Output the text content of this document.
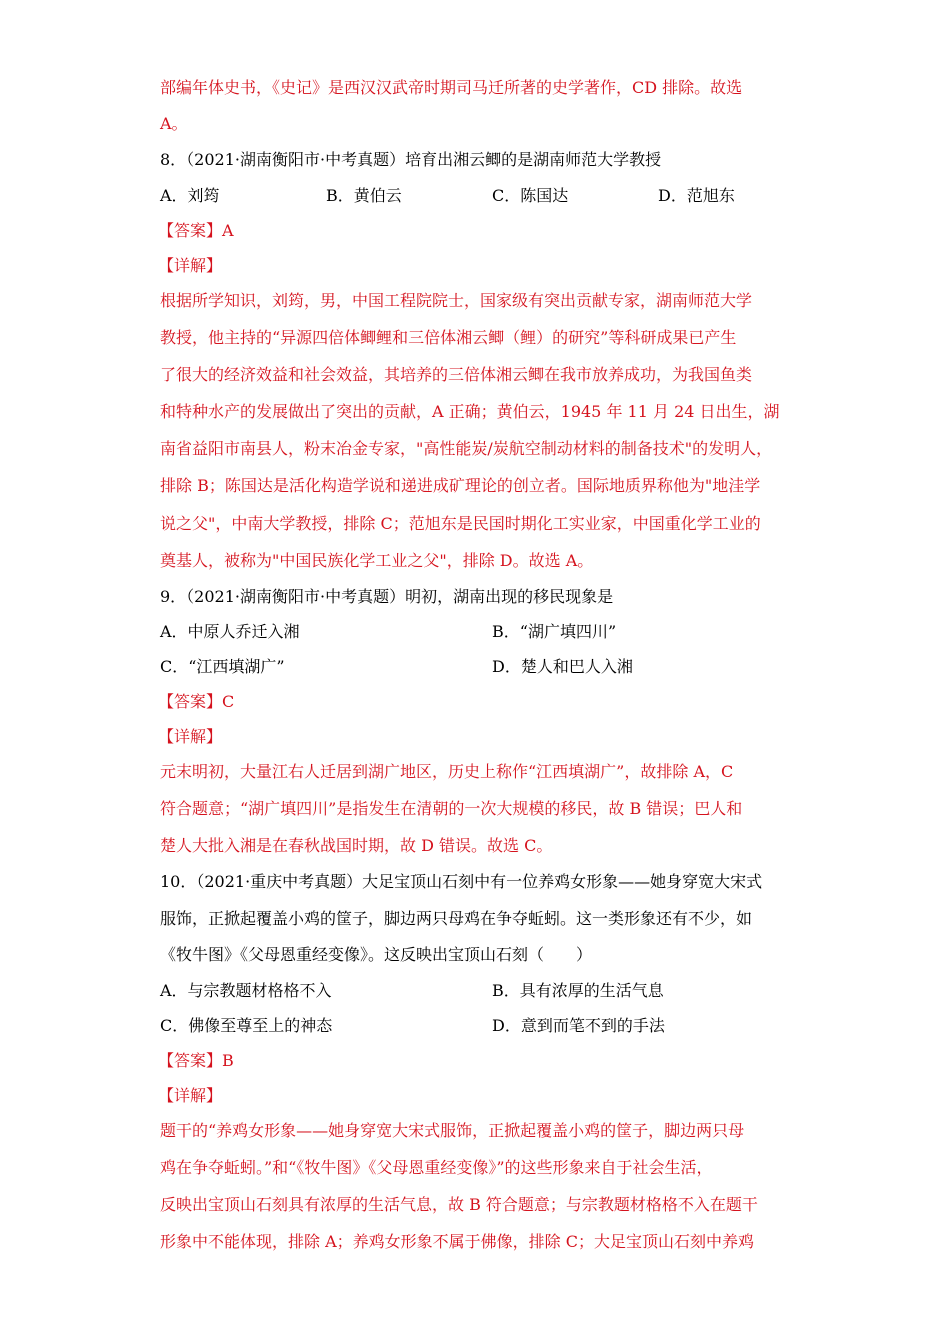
部编年体史书，《史记》是西汉汉武帝时期司马迁所著的史学著作，CD 排除。故选
A。
8．（2021·湖南衡阳市·中考真题）培育出湘云鲫的是湖南师范大学教授
A．刘筠	B．黄伯云	C．陈国达	D．范旭东
【答案】A
【详解】
根据所学知识，刘筠，男，中国工程院院士，国家级有突出贡献专家，湖南师范大学
教授，他主持的“异源四倍体鲫鲤和三倍体湘云鲫（鲤）的研究”等科研成果已产生
了很大的经济效益和社会效益，其培养的三倍体湘云鲫在我市放养成功，为我国鱼类
和特种水产的发展做出了突出的贡献，A 正确；黄伯云，1945 年 11 月 24 日出生，湖
南省益阳市南县人，粉末冶金专家，"高性能炭/炭航空制动材料的制备技术"的发明人，
排除 B；陈国达是活化构造学说和递进成矿理论的创立者。国际地质界称他为"地洼学
说之父"，中南大学教授，排除 C；范旭东是民国时期化工实业家，中国重化学工业的
奠基人，被称为"中国民族化学工业之父"，排除 D。故选 A。
9．（2021·湖南衡阳市·中考真题）明初，湖南出现的移民现象是
A．中原人乔迁入湘	B．“湖广填四川”
C．“江西填湖广”	D．楚人和巴人入湘
【答案】C
【详解】
元末明初，大量江右人迁居到湖广地区，历史上称作“江西填湖广”，故排除 A，C
符合题意；“湖广填四川”是指发生在清朝的一次大规模的移民，故 B 错误；巴人和
楚人大批入湘是在春秋战国时期，故 D 错误。故选 C。
10．（2021·重庆中考真题）大足宝顶山石刻中有一位养鸡女形象——她身穿宽大宋式
服饰，正掀起覆盖小鸡的筐子，脚边两只母鸡在争夺蚯蚓。这一类形象还有不少，如
《牧牛图》《父母恩重经变像》。这反映出宝顶山石刻（　　）
A．与宗教题材格格不入	B．具有浓厚的生活气息
C．佛像至尊至上的神态	D．意到而笔不到的手法
【答案】B
【详解】
题干的“养鸡女形象——她身穿宽大宋式服饰，正掀起覆盖小鸡的筐子，脚边两只母
鸡在争夺蚯蚓。”和“《牧牛图》《父母恩重经变像》”的这些形象来自于社会生活，
反映出宝顶山石刻具有浓厚的生活气息，故 B 符合题意；与宗教题材格格不入在题干
形象中不能体现，排除 A；养鸡女形象不属于佛像，排除 C；大足宝顶山石刻中养鸡
